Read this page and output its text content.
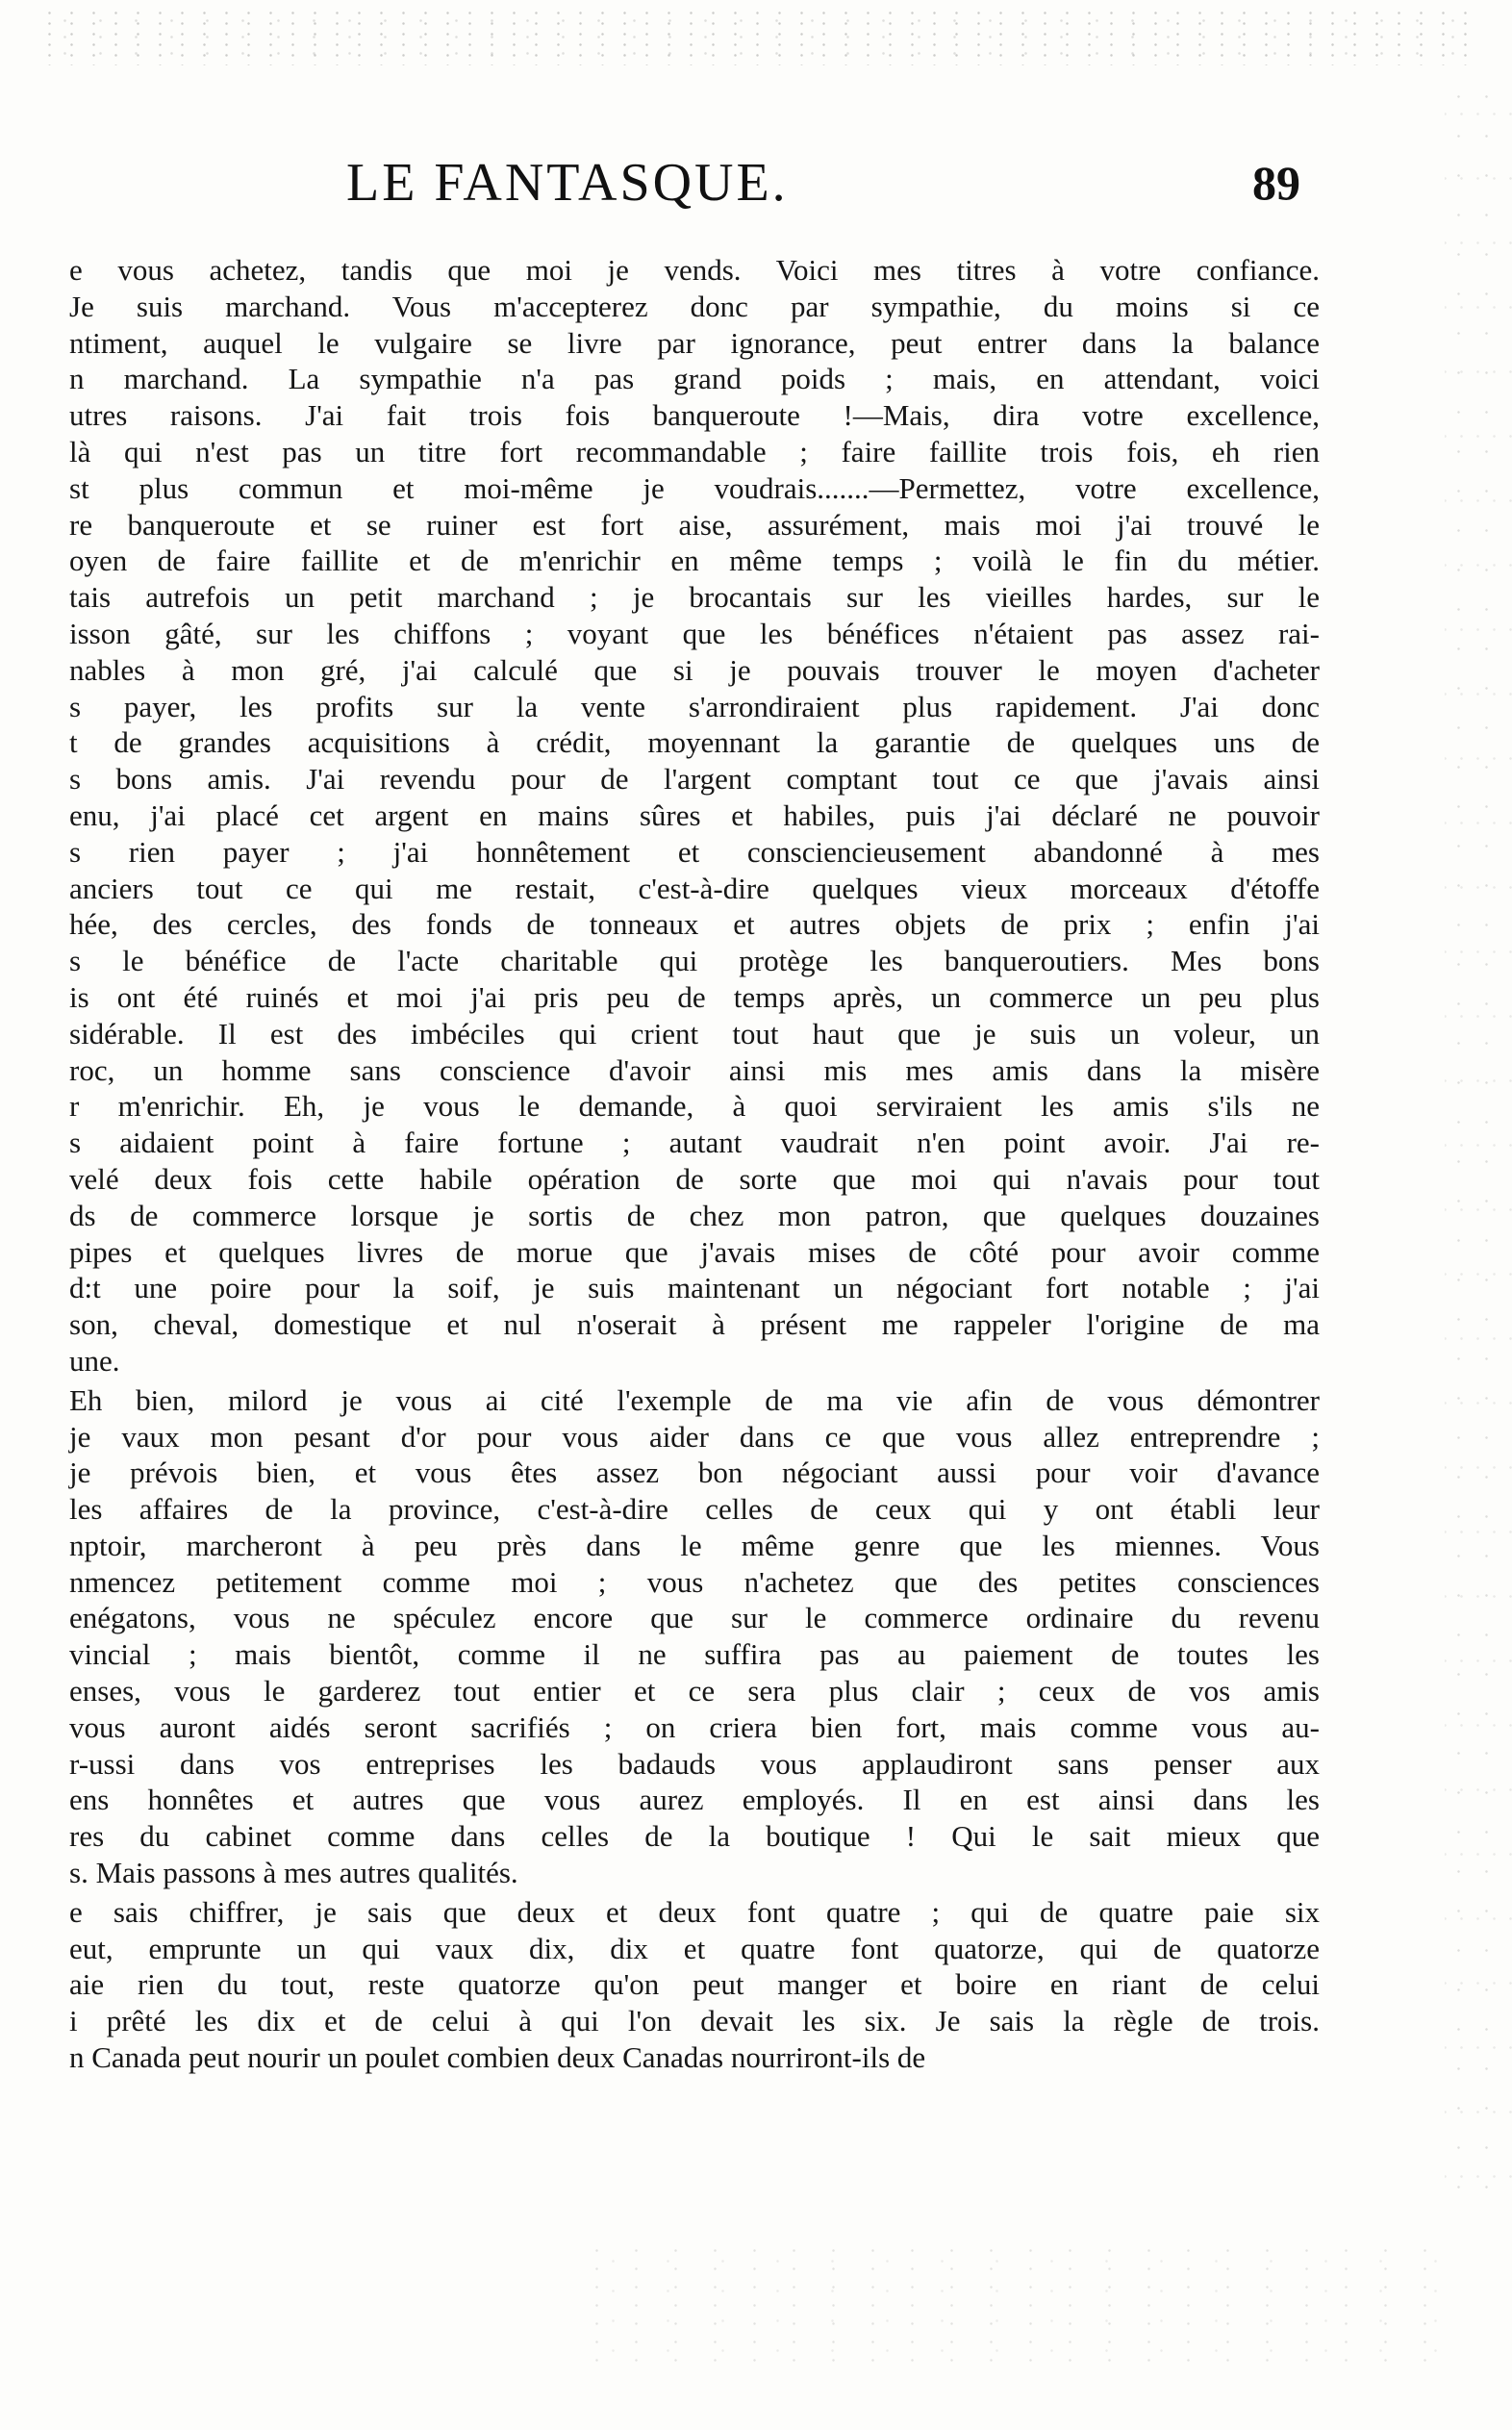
LE FANTASQUE.	89
e vous achetez, tandis que moi je vends. Voici mes titres à votre confiance.
Je suis marchand. Vous m'accepterez donc par sympathie, du moins si ce
ntiment, auquel le vulgaire se livre par ignorance, peut entrer dans la balance
n marchand. La sympathie n'a pas grand poids ; mais, en attendant, voici
utres raisons. J'ai fait trois fois banqueroute !—Mais, dira votre excellence,
là qui n'est pas un titre fort recommandable ; faire faillite trois fois, eh rien
st plus commun et moi-même je voudrais.......—Permettez, votre excellence,
re banqueroute et se ruiner est fort aise, assurément, mais moi j'ai trouvé le
oyen de faire faillite et de m'enrichir en même temps ; voilà le fin du métier.
tais autrefois un petit marchand ; je brocantais sur les vieilles hardes, sur le
isson gâté, sur les chiffons ; voyant que les bénéfices n'étaient pas assez rai-
nables à mon gré, j'ai calculé que si je pouvais trouver le moyen d'acheter
s payer, les profits sur la vente s'arrondiraient plus rapidement. J'ai donc
t de grandes acquisitions à crédit, moyennant la garantie de quelques uns de
s bons amis. J'ai revendu pour de l'argent comptant tout ce que j'avais ainsi
enu, j'ai placé cet argent en mains sûres et habiles, puis j'ai déclaré ne pouvoir
s rien payer ; j'ai honnêtement et consciencieusement abandonné à mes
anciers tout ce qui me restait, c'est-à-dire quelques vieux morceaux d'étoffe
hée, des cercles, des fonds de tonneaux et autres objets de prix ; enfin j'ai
s le bénéfice de l'acte charitable qui protège les banqueroutiers. Mes bons
is ont été ruinés et moi j'ai pris peu de temps après, un commerce un peu plus
sidérable. Il est des imbéciles qui crient tout haut que je suis un voleur, un
roc, un homme sans conscience d'avoir ainsi mis mes amis dans la misère
r m'enrichir. Eh, je vous le demande, à quoi serviraient les amis s'ils ne
s aidaient point à faire fortune ; autant vaudrait n'en point avoir. J'ai re-
velé deux fois cette habile opération de sorte que moi qui n'avais pour tout
ds de commerce lorsque je sortis de chez mon patron, que quelques douzaines
pipes et quelques livres de morue que j'avais mises de côté pour avoir comme
d:t une poire pour la soif, je suis maintenant un négociant fort notable ; j'ai
son, cheval, domestique et nul n'oserait à présent me rappeler l'origine de ma
une.
Eh bien, milord je vous ai cité l'exemple de ma vie afin de vous démontrer
je vaux mon pesant d'or pour vous aider dans ce que vous allez entreprendre ;
je prévois bien, et vous êtes assez bon négociant aussi pour voir d'avance
les affaires de la province, c'est-à-dire celles de ceux qui y ont établi leur
nptoir, marcheront à peu près dans le même genre que les miennes. Vous
nmencez petitement comme moi ; vous n'achetez que des petites consciences
enégatons, vous ne spéculez encore que sur le commerce ordinaire du revenu
vincial ; mais bientôt, comme il ne suffira pas au paiement de toutes les
enses, vous le garderez tout entier et ce sera plus clair ; ceux de vos amis
vous auront aidés seront sacrifiés ; on criera bien fort, mais comme vous au-
r-ussi dans vos entreprises les badauds vous applaudiront sans penser aux
ens honnêtes et autres que vous aurez employés. Il en est ainsi dans les
res du cabinet comme dans celles de la boutique ! Qui le sait mieux que
s. Mais passons à mes autres qualités.
e sais chiffrer, je sais que deux et deux font quatre ; qui de quatre paie six
eut, emprunte un qui vaux dix, dix et quatre font quatorze, qui de quatorze
aie rien du tout, reste quatorze qu'on peut manger et boire en riant de celui
i prêté les dix et de celui à qui l'on devait les six. Je sais la règle de trois.
n Canada peut nourir un poulet combien deux Canadas nourriront-ils de
